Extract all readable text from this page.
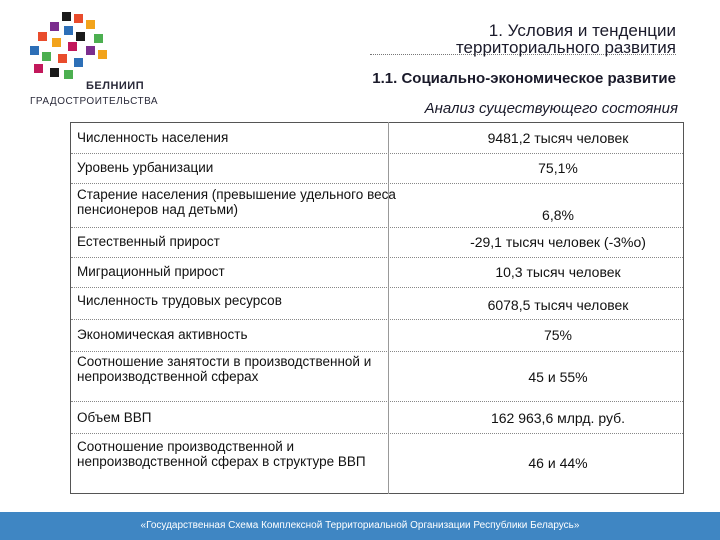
БЕЛНИИП
ГРАДОСТРОИТЕЛЬСТВА
1. Условия и тенденции
территориального развития
1.1. Социально-экономическое развитие
Анализ существующего состояния
Численность населения	9481,2 тысяч человек
Уровень урбанизации	75,1%
Старение населения (превышение удельного веса пенсионеров над детьми)	6,8%
Естественный прирост	-29,1 тысяч человек (-3%о)
Миграционный прирост	10,3 тысяч человек
Численность трудовых ресурсов	6078,5 тысяч человек
Экономическая активность	75%
Соотношение занятости в производственной и непроизводственной сферах	45 и 55%
Объем ВВП	162 963,6 млрд. руб.
Соотношение производственной и непроизводственной сферах в структуре ВВП	46 и 44%
«Государственная Схема Комплексной Территориальной Организации Республики Беларусь»
